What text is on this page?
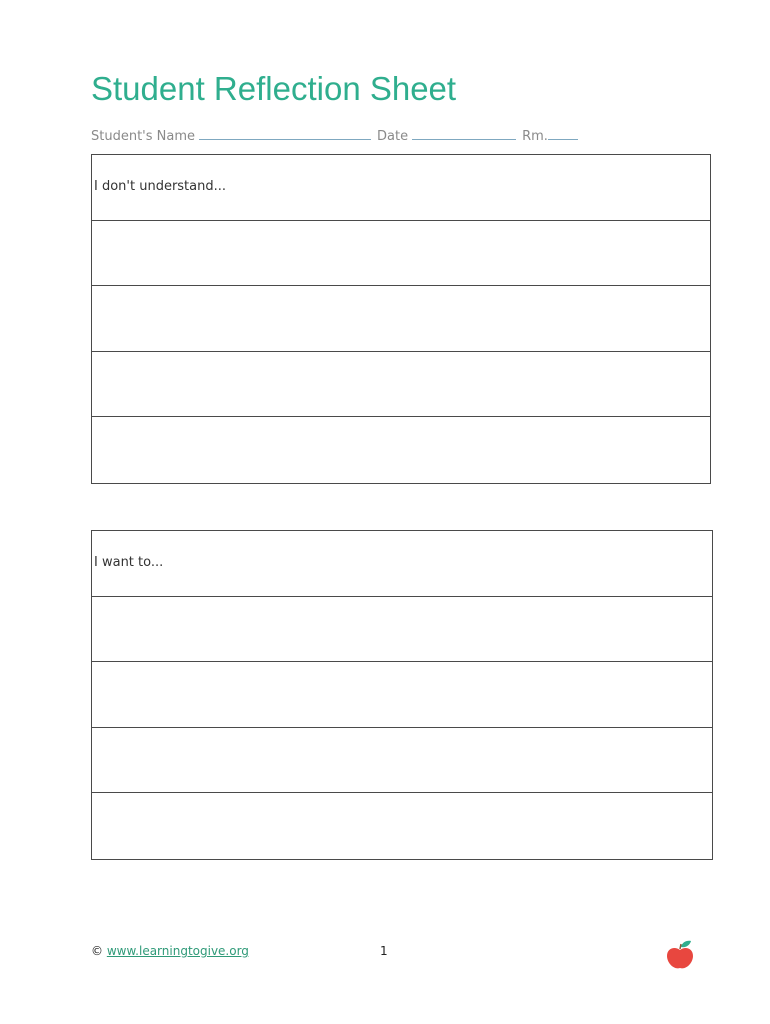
Student Reflection Sheet
Student's Name	Date	Rm.
I don't understand...
I want to...
© www.learningtogive.org	1
